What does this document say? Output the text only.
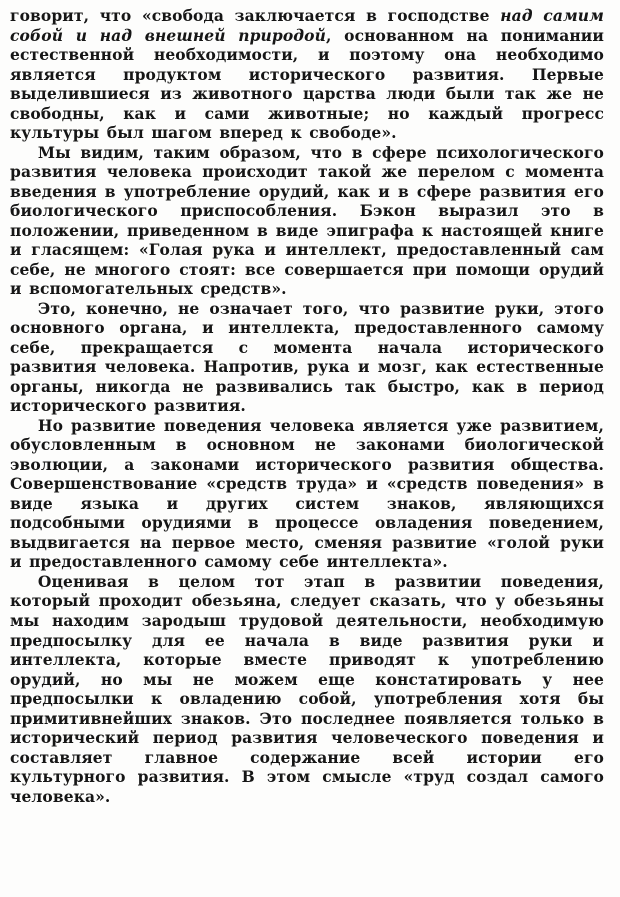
говорит, что «свобода заключается в господстве над самим собой и над внешней природой, основанном на понимании естественной необходимости, и поэтому она необходимо является продуктом исторического развития. Первые выделившиеся из животного царства люди были так же не свободны, как и сами животные; но каждый прогресс культуры был шагом вперед к свободе».

Мы видим, таким образом, что в сфере психологического развития человека происходит такой же перелом с момента введения в употребление орудий, как и в сфере развития его биологического приспособления. Бэкон выразил это в положении, приведенном в виде эпиграфа к настоящей книге и гласящем: «Голая рука и интеллект, предоставленный сам себе, не многого стоят: все совершается при помощи орудий и вспомогательных средств».

Это, конечно, не означает того, что развитие руки, этого основного органа, и интеллекта, предоставленного самому себе, прекращается с момента начала исторического развития человека. Напротив, рука и мозг, как естественные органы, никогда не развивались так быстро, как в период исторического развития.

Но развитие поведения человека является уже развитием, обусловленным в основном не законами биологической эволюции, а законами исторического развития общества. Совершенствование «средств труда» и «средств поведения» в виде языка и других систем знаков, являющихся подсобными орудиями в процессе овладения поведением, выдвигается на первое место, сменяя развитие «голой руки и предоставленного самому себе интеллекта».

Оценивая в целом тот этап в развитии поведения, который проходит обезьяна, следует сказать, что у обезьяны мы находим зародыш трудовой деятельности, необходимую предпосылку для ее начала в виде развития руки и интеллекта, которые вместе приводят к употреблению орудий, но мы не можем еще констатировать у нее предпосылки к овладению собой, употребления хотя бы примитивнейших знаков. Это последнее появляется только в исторический период развития человеческого поведения и составляет главное содержание всей истории его культурного развития. В этом смысле «труд создал самого человека».
